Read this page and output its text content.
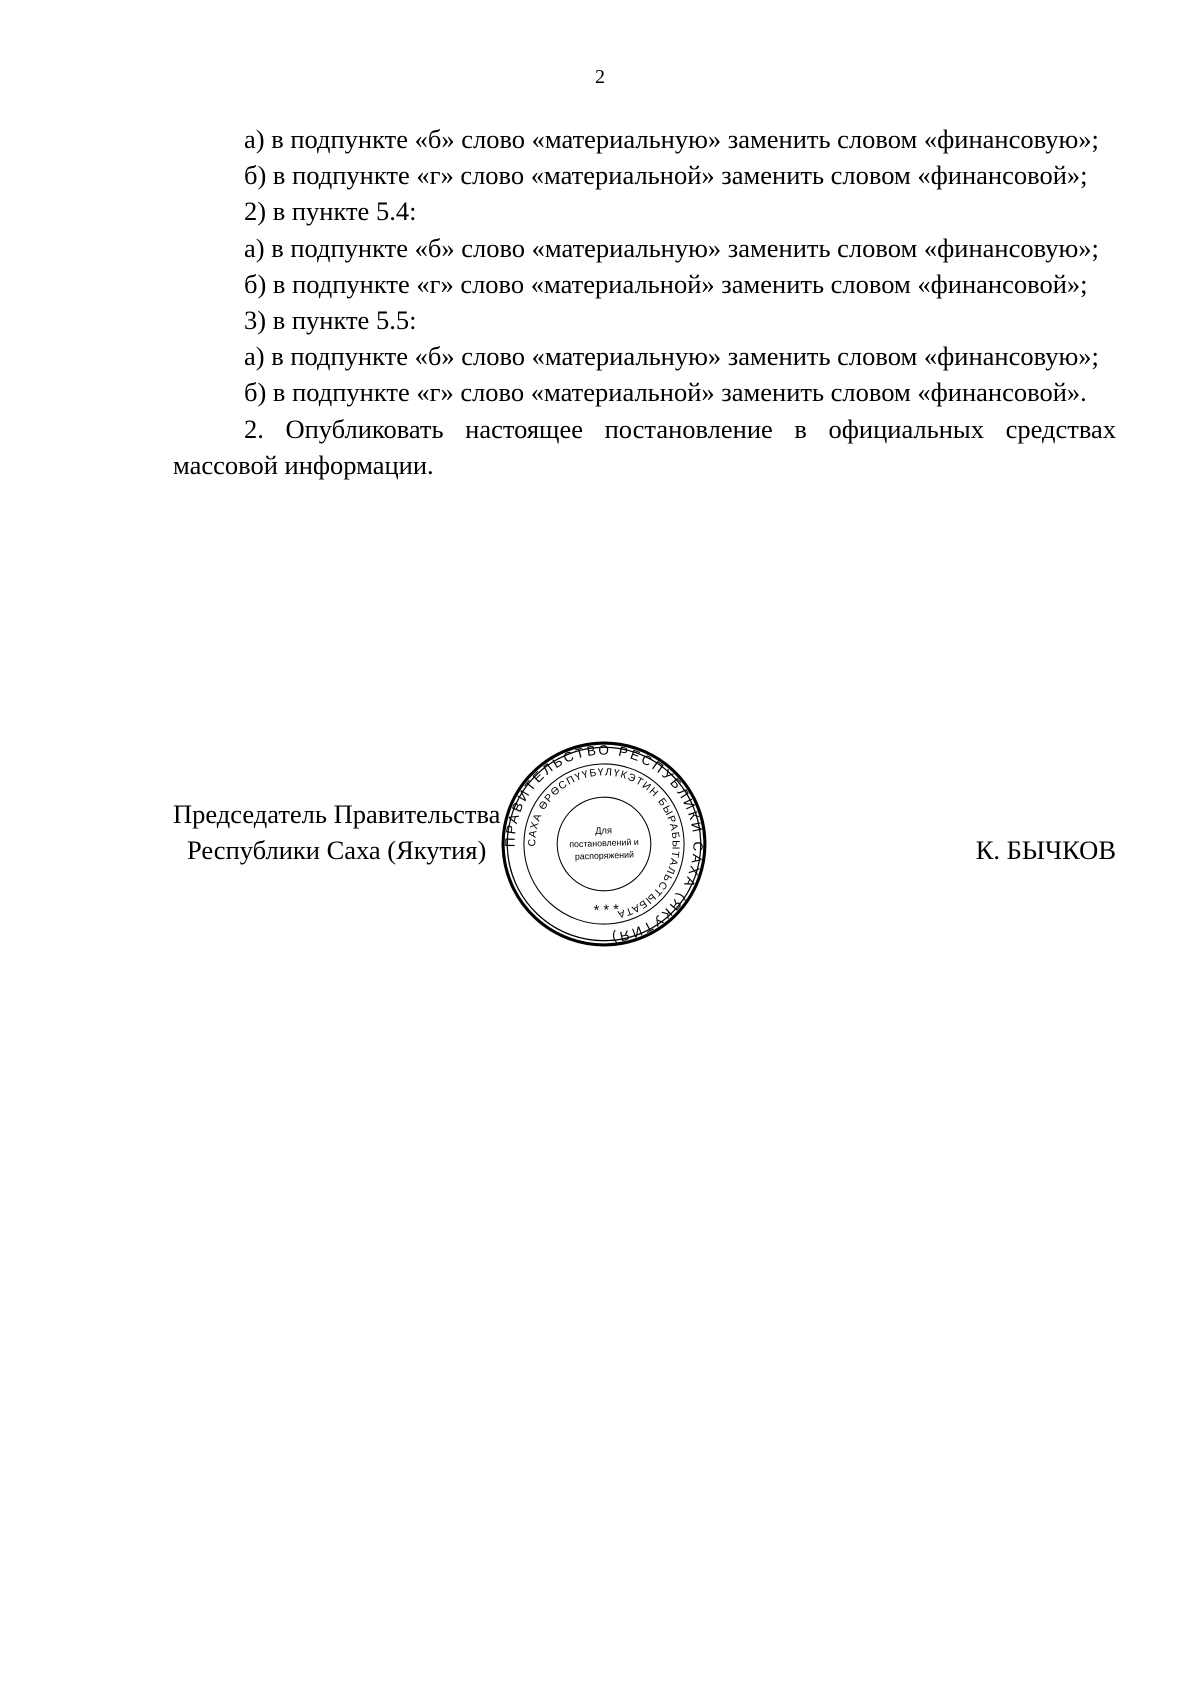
2

а) в подпункте «б» слово «материальную» заменить словом «финансовую»;

б) в подпункте «г» слово «материальной» заменить словом «финансовой»;

2) в пункте 5.4:

а) в подпункте «б» слово «материальную» заменить словом «финансовую»;

б) в подпункте «г» слово «материальной» заменить словом «финансовой»;

3) в пункте 5.5:

а) в подпункте «б» слово «материальную» заменить словом «финансовую»;

б) в подпункте «г» слово «материальной» заменить словом «финансовой».

2. Опубликовать настоящее постановление в официальных средствах массовой информации.

Председатель Правительства
Республики Саха (Якутия)	К. БЫЧКОВ

ПРАВИТЕЛЬСТВО РЕСПУБЛИКИ САХА (ЯКУТИЯ)
САХА ӨРӨСПҮҮБҮЛҮКЭТИН БЫРАБЫТАЛЬСТЫБАТА
Для
постановлений и
распоряжений
* * *
